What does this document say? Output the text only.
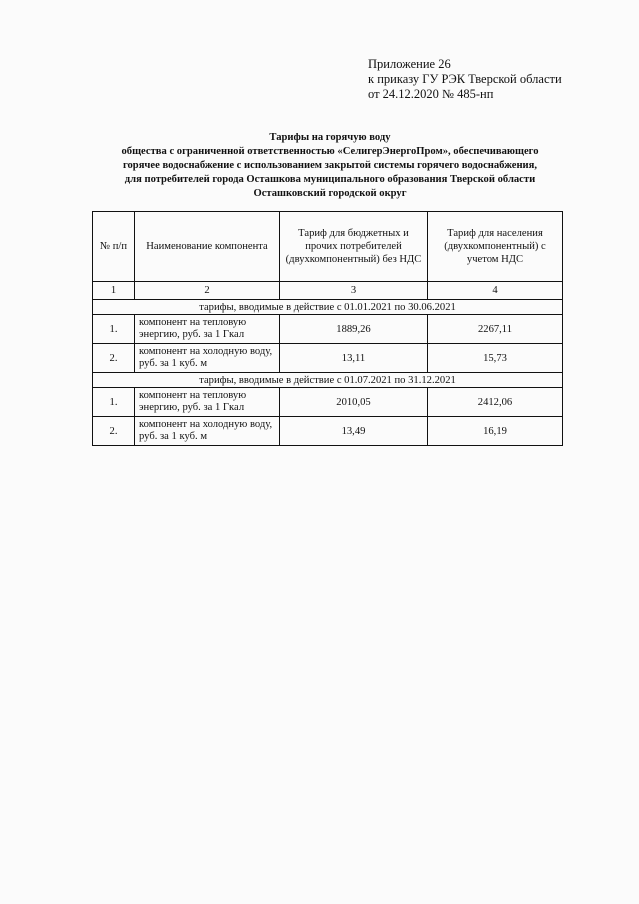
Приложение 26
к приказу ГУ РЭК Тверской области
от 24.12.2020 № 485-нп
Тарифы на горячую воду
общества с ограниченной ответственностью «СелигерЭнергоПром», обеспечивающего
горячее водоснабжение с использованием закрытой системы горячего водоснабжения,
для потребителей города Осташкова муниципального образования Тверской области
Осташковский городской округ
№ п/п	Наименование компонента	Тариф для бюджетных и прочих потребителей (двухкомпонентный) без НДС	Тариф для населения (двухкомпонентный) с учетом НДС
1	2	3	4
тарифы, вводимые в действие с 01.01.2021 по 30.06.2021			
1.	компонент на тепловую энергию, руб. за 1 Гкал	1889,26	2267,11
2.	компонент на холодную воду, руб. за 1 куб. м	13,11	15,73
тарифы, вводимые в действие с 01.07.2021 по 31.12.2021			
1.	компонент на тепловую энергию, руб. за 1 Гкал	2010,05	2412,06
2.	компонент на холодную воду, руб. за 1 куб. м	13,49	16,19
